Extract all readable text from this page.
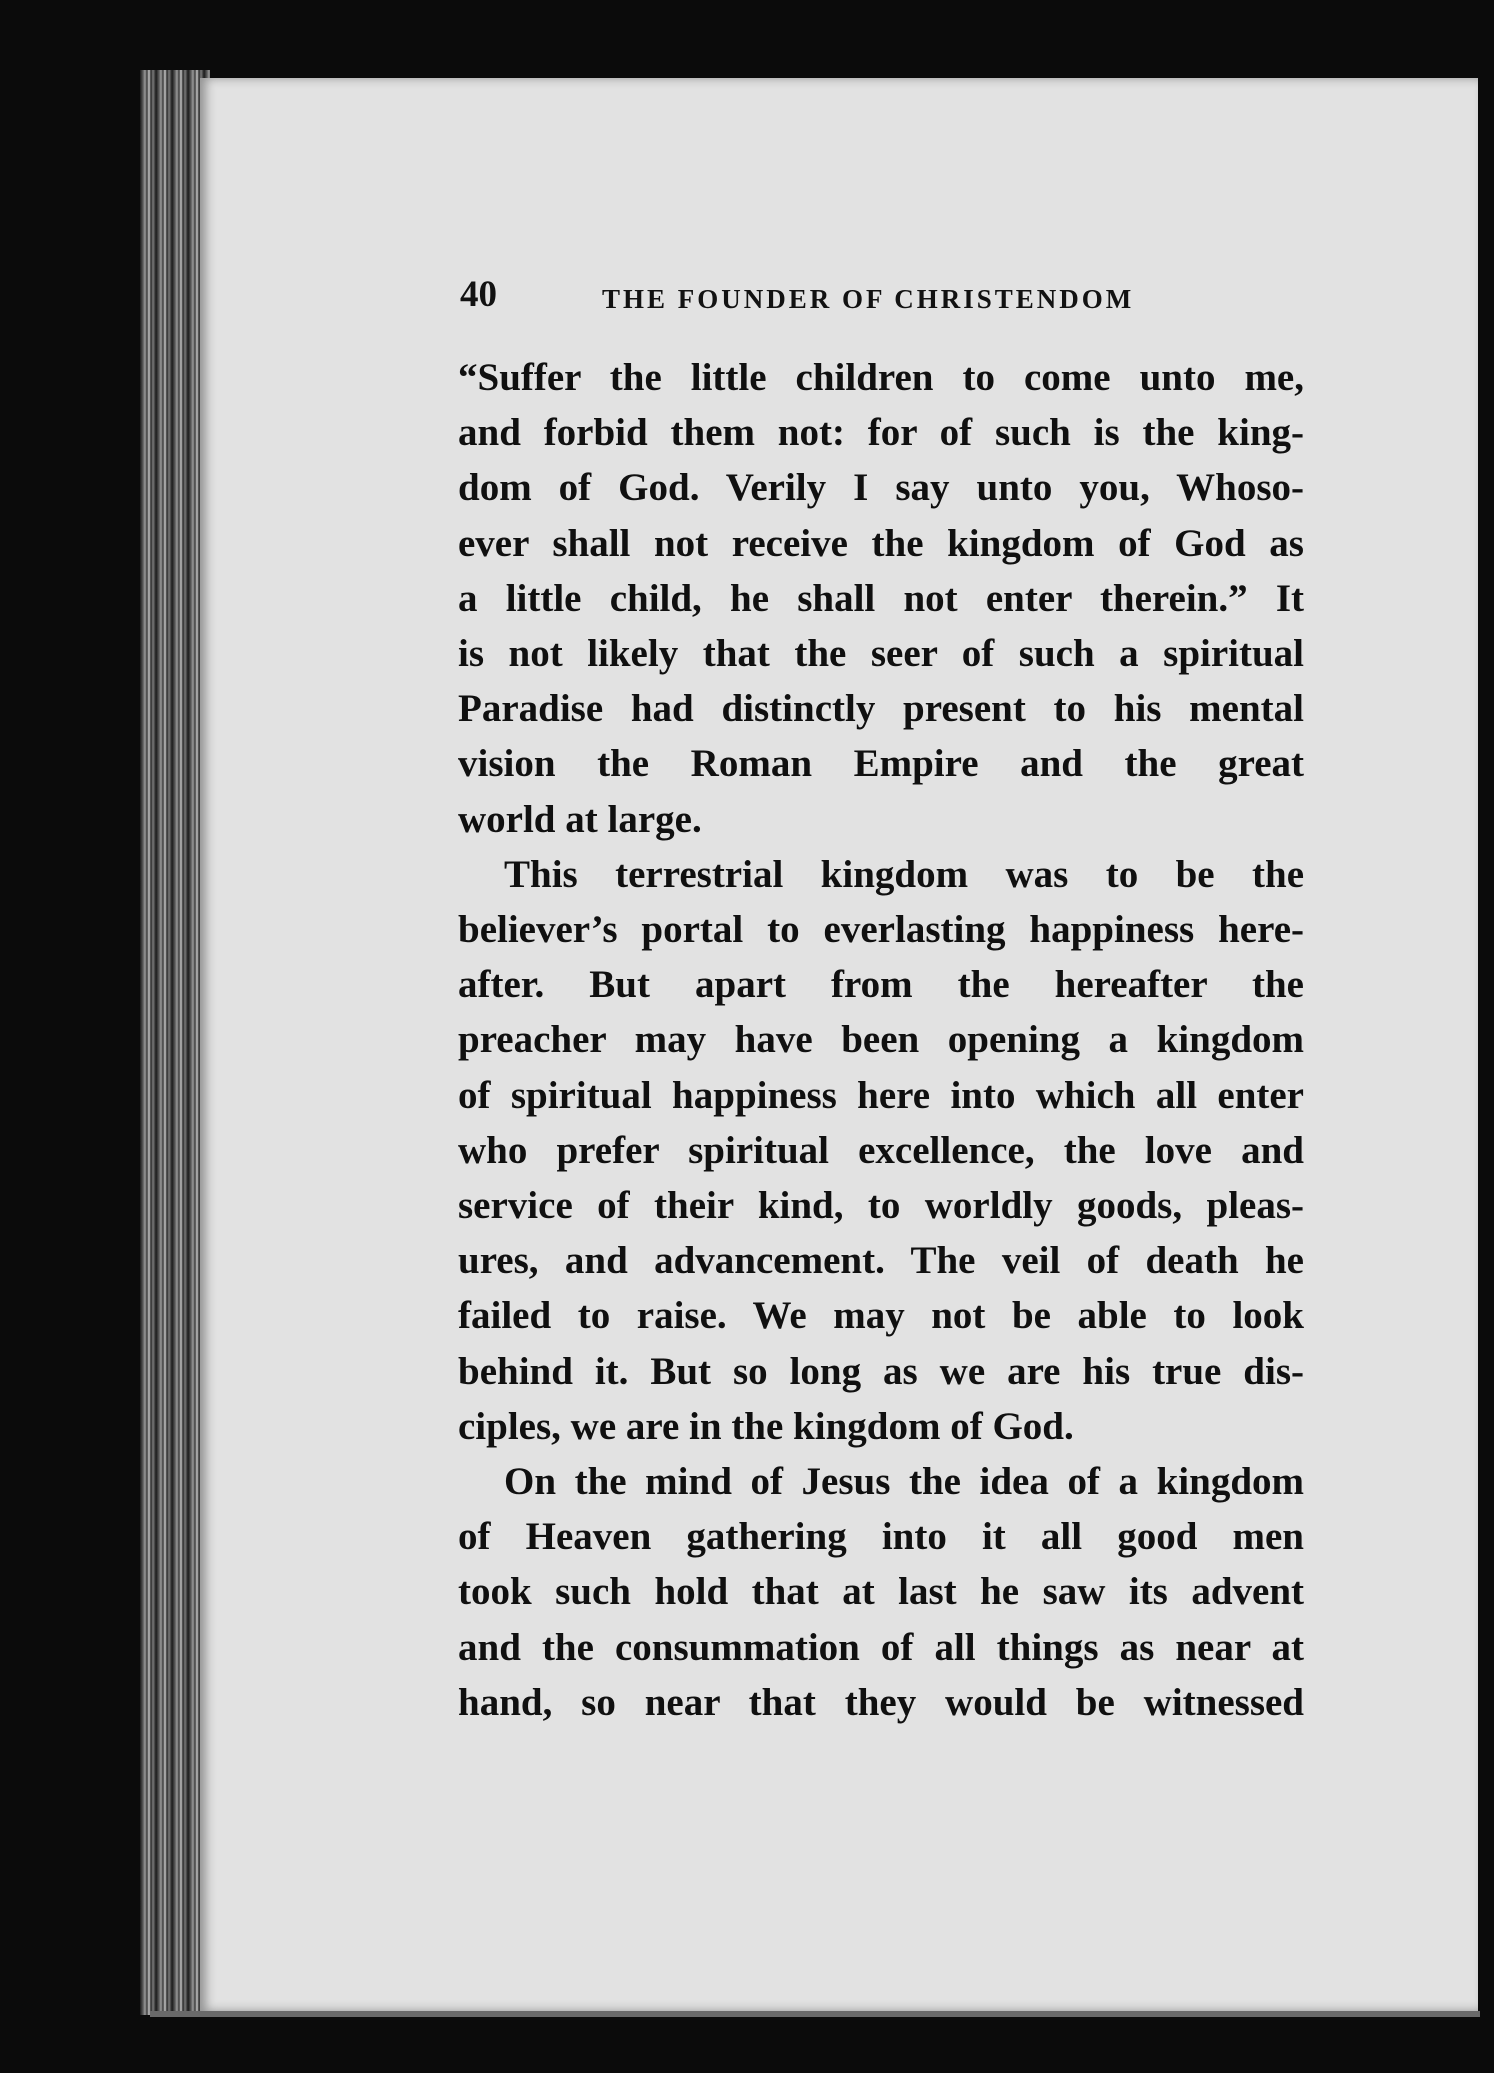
40	THE FOUNDER OF CHRISTENDOM

“Suffer the little children to come unto me,
and forbid them not: for of such is the king-
dom of God. Verily I say unto you, Whoso-
ever shall not receive the kingdom of God as
a little child, he shall not enter therein.” It
is not likely that the seer of such a spiritual
Paradise had distinctly present to his mental
vision the Roman Empire and the great
world at large.

This terrestrial kingdom was to be the
believer’s portal to everlasting happiness here-
after. But apart from the hereafter the
preacher may have been opening a kingdom
of spiritual happiness here into which all enter
who prefer spiritual excellence, the love and
service of their kind, to worldly goods, pleas-
ures, and advancement. The veil of death he
failed to raise. We may not be able to look
behind it. But so long as we are his true dis-
ciples, we are in the kingdom of God.

On the mind of Jesus the idea of a kingdom
of Heaven gathering into it all good men
took such hold that at last he saw its advent
and the consummation of all things as near at
hand, so near that they would be witnessed
